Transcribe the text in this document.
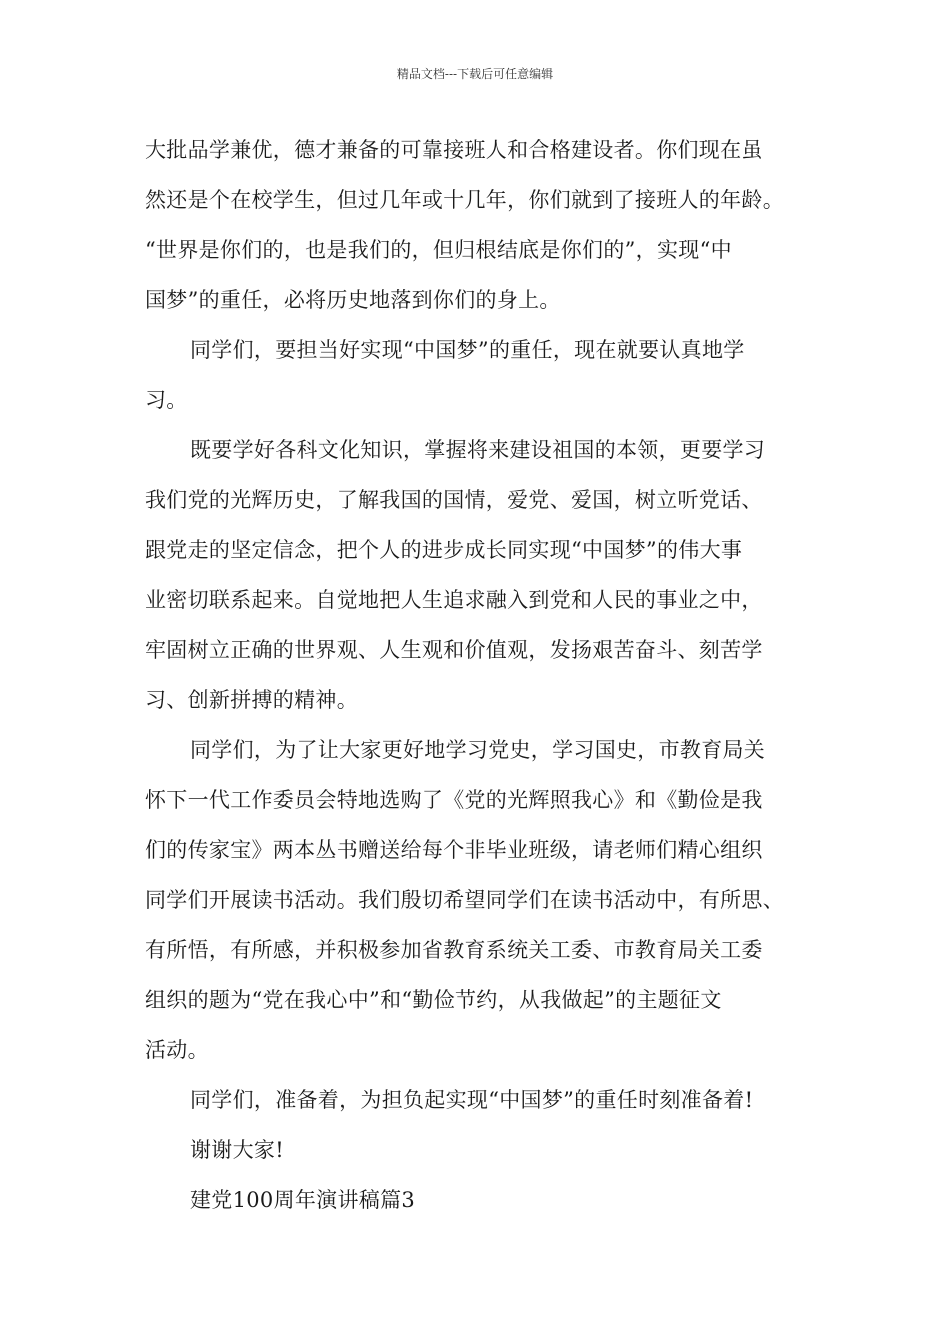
精品文档---下载后可任意编辑
大批品学兼优，德才兼备的可靠接班人和合格建设者。你们现在虽
然还是个在校学生，但过几年或十几年，你们就到了接班人的年龄。
“世界是你们的，也是我们的，但归根结底是你们的”，实现“中
国梦”的重任，必将历史地落到你们的身上。
同学们，要担当好实现“中国梦”的重任，现在就要认真地学
习。
既要学好各科文化知识，掌握将来建设祖国的本领，更要学习
我们党的光辉历史，了解我国的国情，爱党、爱国，树立听党话、
跟党走的坚定信念，把个人的进步成长同实现“中国梦”的伟大事
业密切联系起来。自觉地把人生追求融入到党和人民的事业之中，
牢固树立正确的世界观、人生观和价值观，发扬艰苦奋斗、刻苦学
习、创新拼搏的精神。
同学们，为了让大家更好地学习党史，学习国史，市教育局关
怀下一代工作委员会特地选购了《党的光辉照我心》和《勤俭是我
们的传家宝》两本丛书赠送给每个非毕业班级，请老师们精心组织
同学们开展读书活动。我们殷切希望同学们在读书活动中，有所思、
有所悟，有所感，并积极参加省教育系统关工委、市教育局关工委
组织的题为“党在我心中”和“勤俭节约，从我做起”的主题征文
活动。
同学们，准备着，为担负起实现“中国梦”的重任时刻准备着!
谢谢大家!
建党100周年演讲稿篇3
